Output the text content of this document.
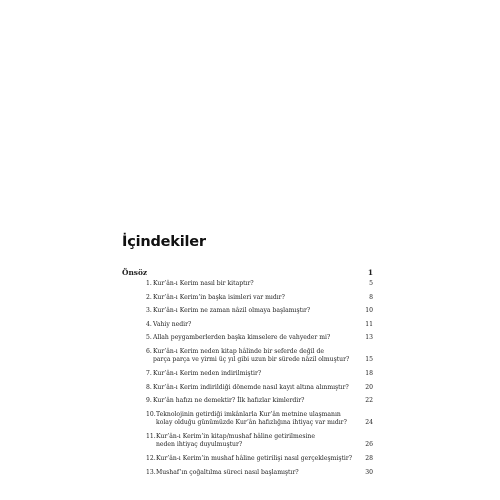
İçindekiler
Önsöz	1
1. Kur’ân-ı Kerim nasıl bir kitaptır?	5
2. Kur’ân-ı Kerim’in başka isimleri var mıdır?	8
3. Kur’ân-ı Kerim ne zaman nâzil olmaya başlamıştır?	10
4. Vahiy nedir?	11
5. Allah peygamberlerden başka kimselere de vahyeder mi?	13
6. Kur’ân-ı Kerim neden kitap hâlinde bir seferde değil de
parça parça ve yirmi üç yıl gibi uzun bir sürede nâzil olmuştur?	15
7. Kur’ân-ı Kerim neden indirilmiştir?	18
8. Kur’ân-ı Kerim indirildiği dönemde nasıl kayıt altına alınmıştır?	20
9. Kur’ân hafızı ne demektir? İlk hafızlar kimlerdir?	22
10. Teknolojinin getirdiği imkânlarla Kur’ân metnine ulaşmanın
kolay olduğu günümüzde Kur’ân hafızlığına ihtiyaç var mıdır?	24
11. Kur’ân-ı Kerim’in kitap/mushaf hâline getirilmesine
neden ihtiyaç duyulmuştur?	26
12. Kur’ân-ı Kerim’in mushaf hâline getirilişi nasıl gerçekleşmiştir?	28
13. Mushaf’ın çoğaltılma süreci nasıl başlamıştır?	30
